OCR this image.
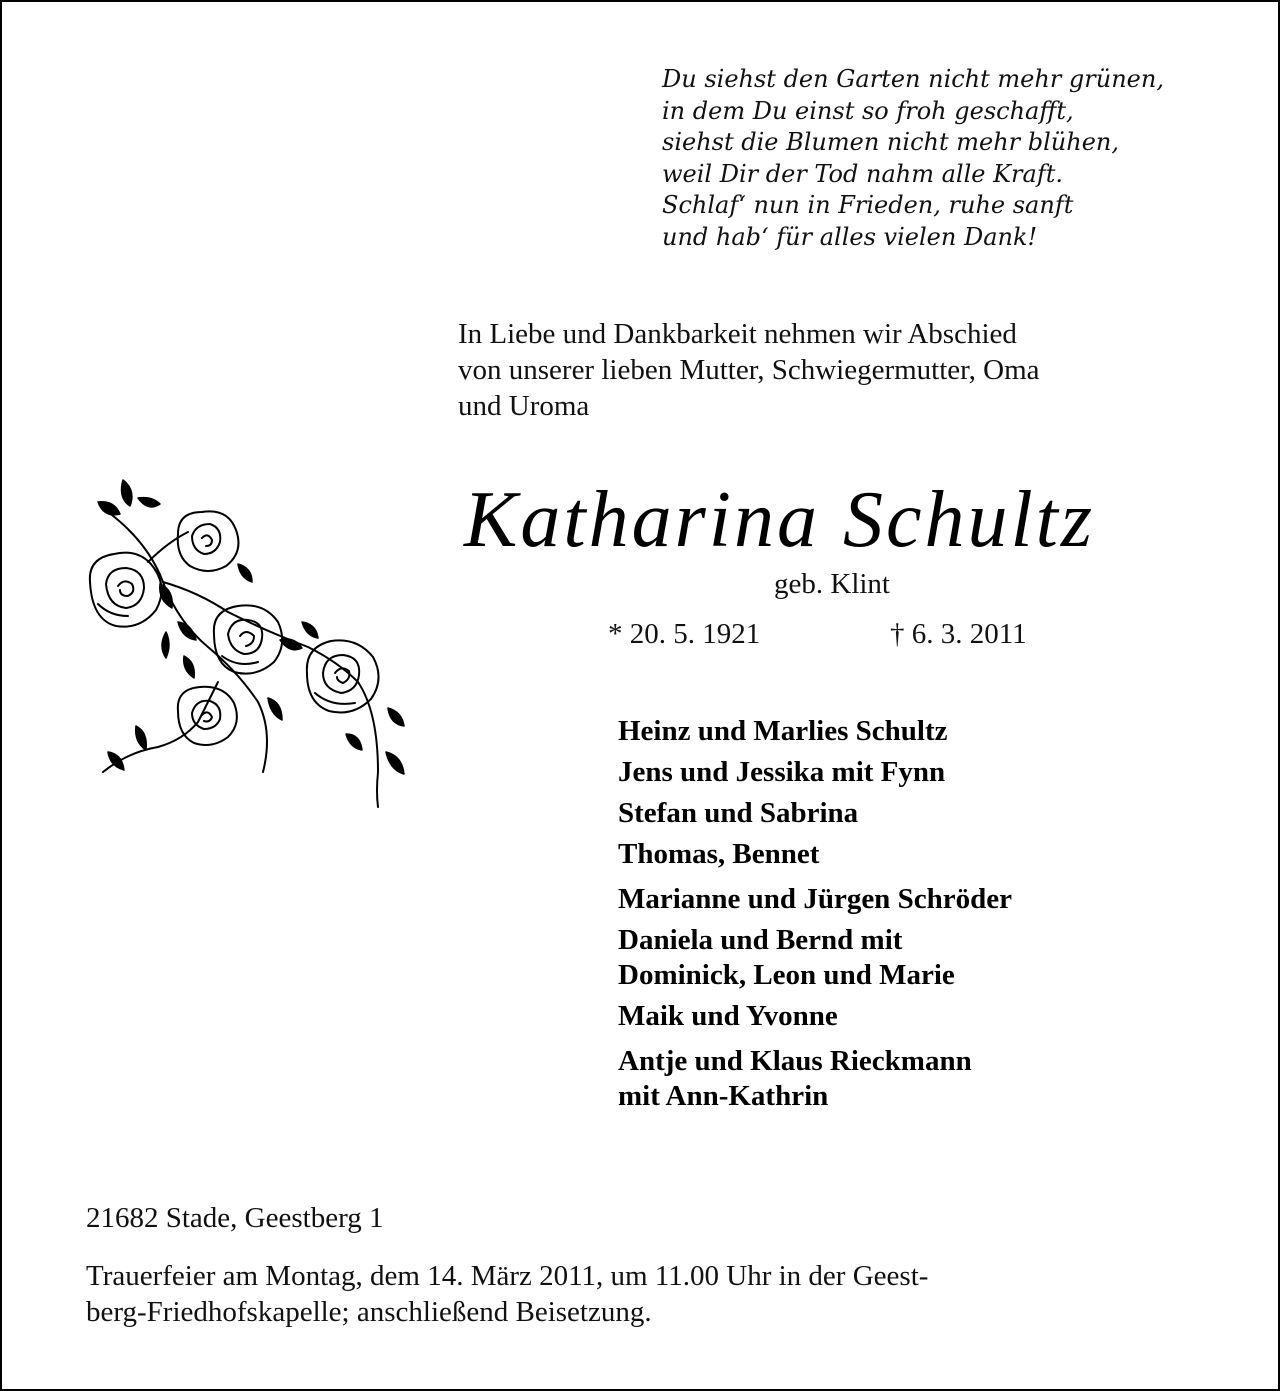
Du siehst den Garten nicht mehr grünen,
in dem Du einst so froh geschafft,
siehst die Blumen nicht mehr blühen,
weil Dir der Tod nahm alle Kraft.
Schlaf‘ nun in Frieden, ruhe sanft
und hab‘ für alles vielen Dank!
In Liebe und Dankbarkeit nehmen wir Abschied
von unserer lieben Mutter, Schwiegermutter, Oma
und Uroma
Katharina Schultz
geb. Klint
* 20. 5. 1921	† 6. 3. 2011
Heinz und Marlies Schultz
Jens und Jessika mit Fynn
Stefan und Sabrina
Thomas, Bennet
Marianne und Jürgen Schröder
Daniela und Bernd mit
Dominick, Leon und Marie
Maik und Yvonne
Antje und Klaus Rieckmann
mit Ann-Kathrin
21682 Stade, Geestberg 1
Trauerfeier am Montag, dem 14. März 2011, um 11.00 Uhr in der Geest-
berg-Friedhofskapelle; anschließend Beisetzung.
